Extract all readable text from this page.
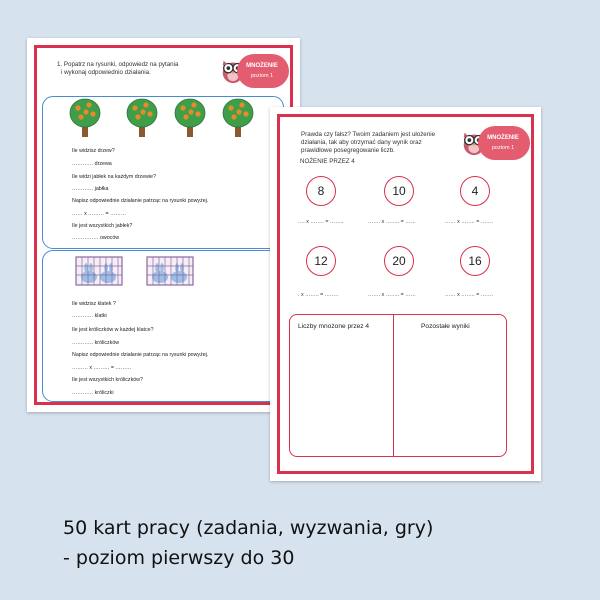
1. Popatrz na rysunki, odpowiedz na pytania
i wykonaj odpowiednio działania.
MNOŻENIE
poziom 1
Ile widzisz drzew?
………… drzewa
Ile widzi jabłek na każdym drzewie?
………… jabłka
Napisz odpowiednie działanie patrząc na rysunki powyżej.
…… x ……… = ………
Ile jest wszystkich jabłek?
…………… owoców
Ile widzisz klatek ?
………… klatki
Ile jest króliczków w każdej klatce?
………… króliczków
Napisz odpowiednie działanie patrząc na rysunki powyżej.
……… x ……… = ………
Ile jest wszystkich króliczków?
………… króliczki
Prawda czy fałsz? Twoim zadaniem jest ułożenie
działania, tak aby otrzymać dany wynik oraz
prawidłowe posegregowanie liczb.
NOŻENIE PRZEZ 4
MNOŻENIE
poziom 1
8	10	4
…. x …….. = ……..	……. x …….. = ……	…… x …….. = …….
12	20	16
. x …….. = ……..	……. x …….. = ……	…… x …….. = …….
Liczby mnożone przez 4	Pozostałe wyniki
50 kart pracy (zadania, wyzwania, gry)
- poziom pierwszy do 30
